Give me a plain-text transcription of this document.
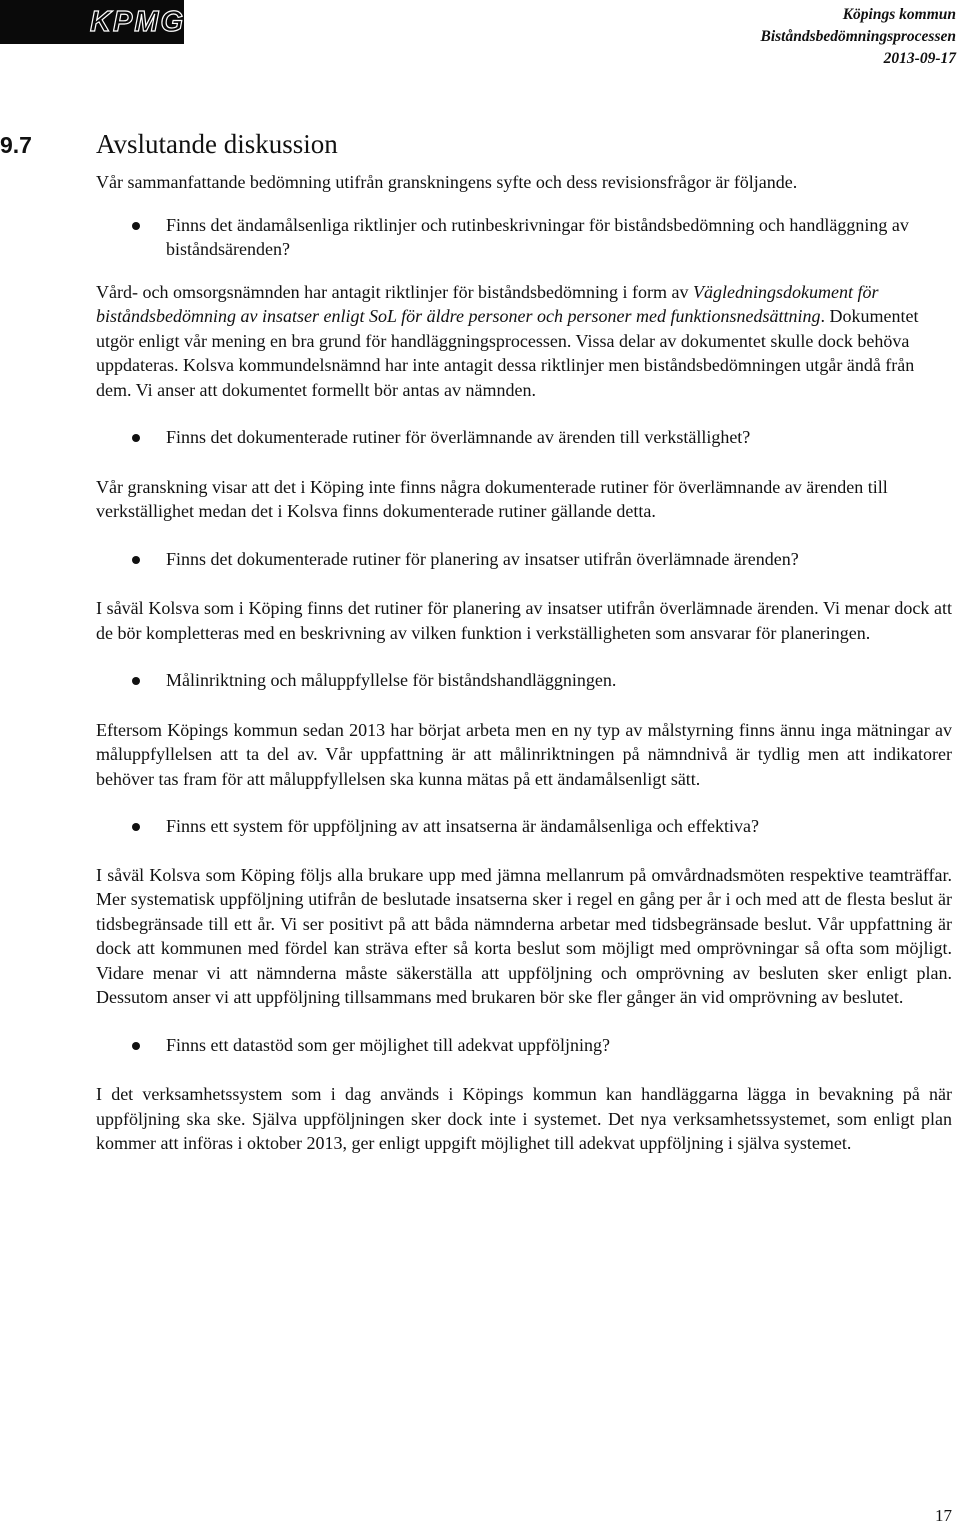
KPMG	Köpings kommun
Biståndsbedömningsprocessen
2013-09-17
9.7 Avslutande diskussion

Vår sammanfattande bedömning utifrån granskningens syfte och dess revisionsfrågor är följande.

Finns det ändamålsenliga riktlinjer och rutinbeskrivningar för biståndsbedömning och handläggning av biståndsärenden?

Vård- och omsorgsnämnden har antagit riktlinjer för biståndsbedömning i form av Vägledningsdokument för biståndsbedömning av insatser enligt SoL för äldre personer och personer med funktionsnedsättning. Dokumentet utgör enligt vår mening en bra grund för handläggningsprocessen. Vissa delar av dokumentet skulle dock behöva uppdateras. Kolsva kommundelsnämnd har inte antagit dessa riktlinjer men biståndsbedömningen utgår ändå från dem. Vi anser att dokumentet formellt bör antas av nämnden.

Finns det dokumenterade rutiner för överlämnande av ärenden till verkställighet?

Vår granskning visar att det i Köping inte finns några dokumenterade rutiner för överlämnande av ärenden till verkställighet medan det i Kolsva finns dokumenterade rutiner gällande detta.

Finns det dokumenterade rutiner för planering av insatser utifrån överlämnade ärenden?

I såväl Kolsva som i Köping finns det rutiner för planering av insatser utifrån överlämnade ärenden. Vi menar dock att de bör kompletteras med en beskrivning av vilken funktion i verkställigheten som ansvarar för planeringen.

Målinriktning och måluppfyllelse för biståndshandläggningen.

Eftersom Köpings kommun sedan 2013 har börjat arbeta men en ny typ av målstyrning finns ännu inga mätningar av måluppfyllelsen att ta del av. Vår uppfattning är att målinriktningen på nämndnivå är tydlig men att indikatorer behöver tas fram för att måluppfyllelsen ska kunna mätas på ett ändamålsenligt sätt.

Finns ett system för uppföljning av att insatserna är ändamålsenliga och effektiva?

I såväl Kolsva som Köping följs alla brukare upp med jämna mellanrum på omvårdnadsmöten respektive teamträffar. Mer systematisk uppföljning utifrån de beslutade insatserna sker i regel en gång per år i och med att de flesta beslut är tidsbegränsade till ett år. Vi ser positivt på att båda nämnderna arbetar med tidsbegränsade beslut. Vår uppfattning är dock att kommunen med fördel kan sträva efter så korta beslut som möjligt med omprövningar så ofta som möjligt. Vidare menar vi att nämnderna måste säkerställa att uppföljning och omprövning av besluten sker enligt plan. Dessutom anser vi att uppföljning tillsammans med brukaren bör ske fler gånger än vid omprövning av beslutet.

Finns ett datastöd som ger möjlighet till adekvat uppföljning?

I det verksamhetssystem som i dag används i Köpings kommun kan handläggarna lägga in bevakning på när uppföljning ska ske. Själva uppföljningen sker dock inte i systemet. Det nya verksamhetssystemet, som enligt plan kommer att införas i oktober 2013, ger enligt uppgift möjlighet till adekvat uppföljning i själva systemet.

17
